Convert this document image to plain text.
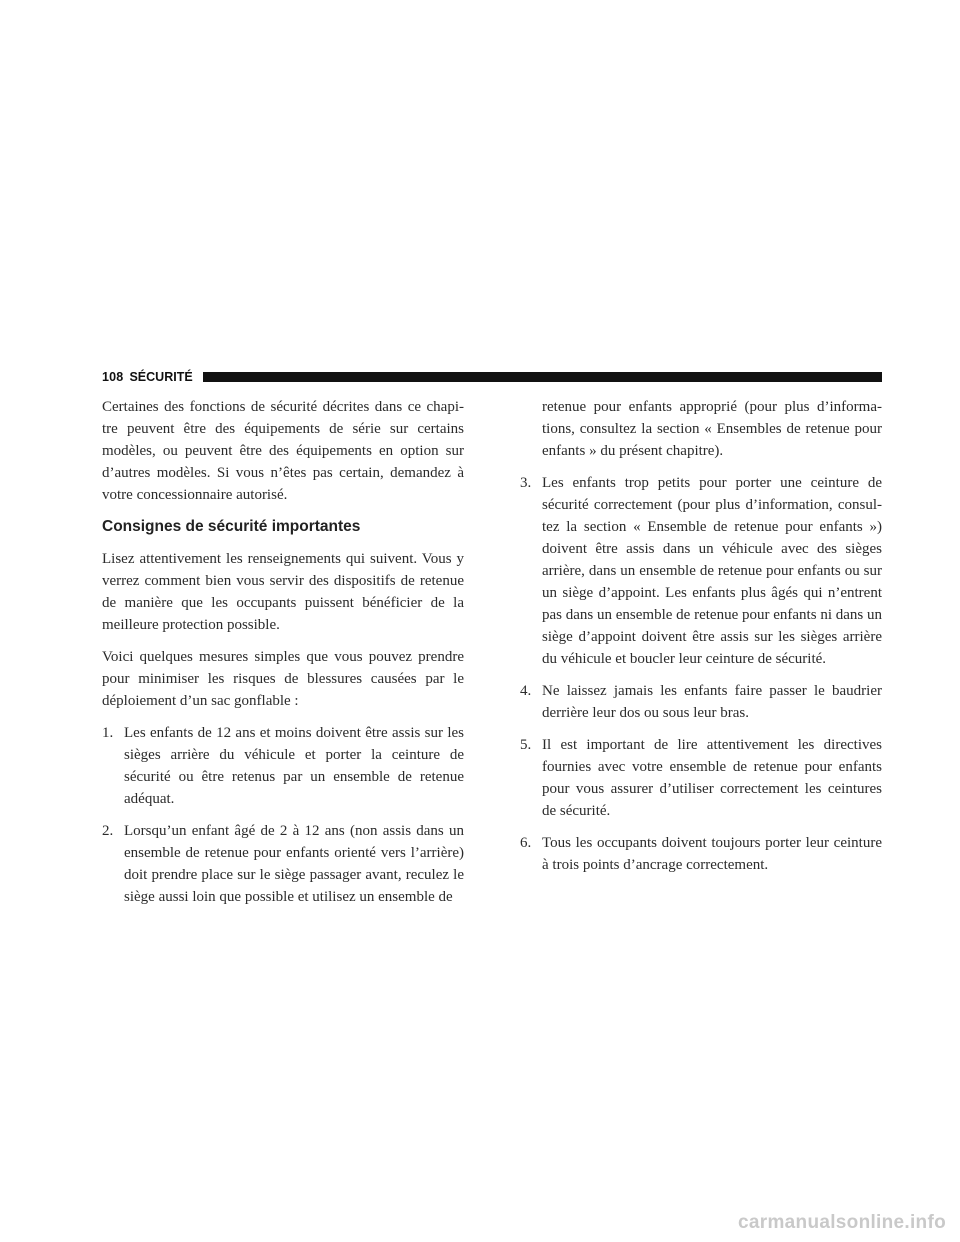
108 SÉCURITÉ

Certaines des fonctions de sécurité décrites dans ce chapi-tre peuvent être des équipements de série sur certains modèles, ou peuvent être des équipements en option sur d’autres modèles. Si vous n’êtes pas certain, demandez à votre concessionnaire autorisé.

Consignes de sécurité importantes

Lisez attentivement les renseignements qui suivent. Vous y verrez comment bien vous servir des dispositifs de retenue de manière que les occupants puissent bénéficier de la meilleure protection possible.

Voici quelques mesures simples que vous pouvez prendre pour minimiser les risques de blessures causées par le déploiement d’un sac gonflable :

1. Les enfants de 12 ans et moins doivent être assis sur les sièges arrière du véhicule et porter la ceinture de sécurité ou être retenus par un ensemble de retenue adéquat.
2. Lorsqu’un enfant âgé de 2 à 12 ans (non assis dans un ensemble de retenue pour enfants orienté vers l’arrière) doit prendre place sur le siège passager avant, reculez le siège aussi loin que possible et utilisez un ensemble de

retenue pour enfants approprié (pour plus d’informa-tions, consultez la section « Ensembles de retenue pour enfants » du présent chapitre).

3. Les enfants trop petits pour porter une ceinture de sécurité correctement (pour plus d’information, consul-tez la section « Ensemble de retenue pour enfants ») doivent être assis dans un véhicule avec des sièges arrière, dans un ensemble de retenue pour enfants ou sur un siège d’appoint. Les enfants plus âgés qui n’entrent pas dans un ensemble de retenue pour enfants ni dans un siège d’appoint doivent être assis sur les sièges arrière du véhicule et boucler leur ceinture de sécurité.
4. Ne laissez jamais les enfants faire passer le baudrier derrière leur dos ou sous leur bras.
5. Il est important de lire attentivement les directives fournies avec votre ensemble de retenue pour enfants pour vous assurer d’utiliser correctement les ceintures de sécurité.
6. Tous les occupants doivent toujours porter leur ceinture à trois points d’ancrage correctement.
carmanualsonline.info
